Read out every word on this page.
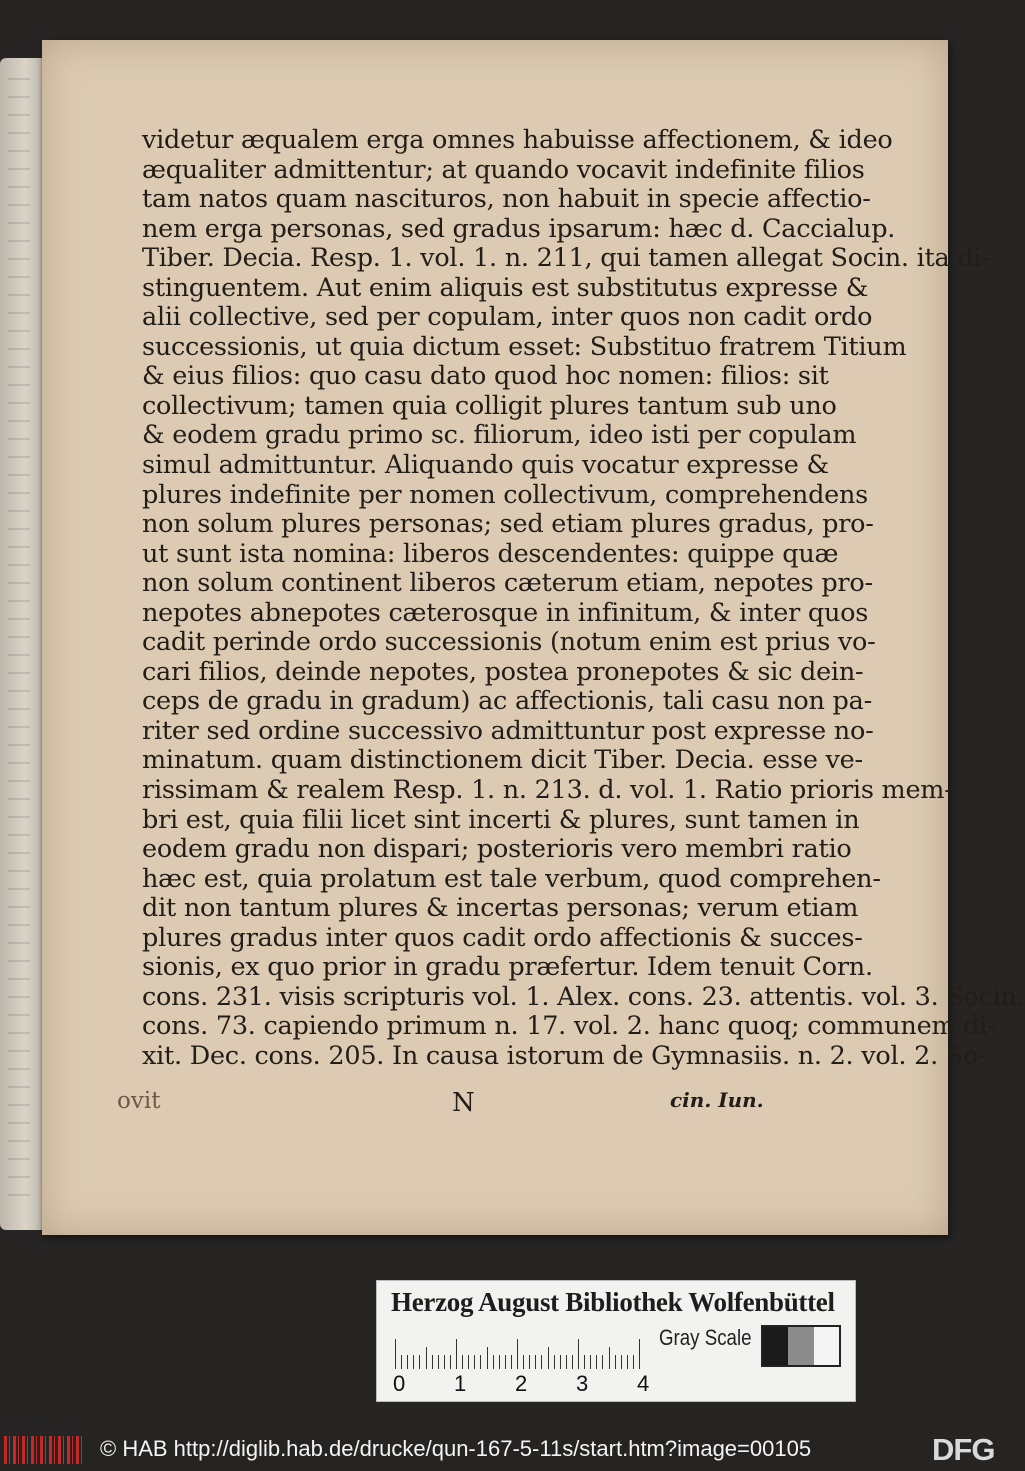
videtur æqualem erga omnes habuisse affectionem, & ideo
æqualiter admittentur; at quando vocavit indefinite filios
tam natos quam nascituros, non habuit in specie affectio-
nem erga personas, sed gradus ipsarum: hæc d. Caccialup.
Tiber. Decia. Resp. 1. vol. 1. n. 211, qui tamen allegat Socin. ita di-
stinguentem. Aut enim aliquis est substitutus expresse &
alii collective, sed per copulam, inter quos non cadit ordo
successionis, ut quia dictum esset: Substituo fratrem Titium
& eius filios: quo casu dato quod hoc nomen: filios: sit
collectivum; tamen quia colligit plures tantum sub uno
& eodem gradu primo sc. filiorum, ideo isti per copulam
simul admittuntur. Aliquando quis vocatur expresse &
plures indefinite per nomen collectivum, comprehendens
non solum plures personas; sed etiam plures gradus, pro-
ut sunt ista nomina: liberos descendentes: quippe quæ
non solum continent liberos cæterum etiam, nepotes pro-
nepotes abnepotes cæterosque in infinitum, & inter quos
cadit perinde ordo successionis (notum enim est prius vo-
cari filios, deinde nepotes, postea pronepotes & sic dein-
ceps de gradu in gradum) ac affectionis, tali casu non pa-
riter sed ordine successivo admittuntur post expresse no-
minatum. quam distinctionem dicit Tiber. Decia. esse ve-
rissimam & realem Resp. 1. n. 213. d. vol. 1. Ratio prioris mem-
bri est, quia filii licet sint incerti & plures, sunt tamen in
eodem gradu non dispari; posterioris vero membri ratio
hæc est, quia prolatum est tale verbum, quod comprehen-
dit non tantum plures & incertas personas; verum etiam
plures gradus inter quos cadit ordo affectionis & succes-
sionis, ex quo prior in gradu præfertur. Idem tenuit Corn.
cons. 231. visis scripturis vol. 1. Alex. cons. 23. attentis. vol. 3. Socin.
cons. 73. capiendo primum n. 17. vol. 2. hanc quoq; communem di-
xit. Dec. cons. 205. In causa istorum de Gymnasiis. n. 2. vol. 2. So-
ovit	N	cin. Iun.
Herzog August Bibliothek Wolfenbüttel
0 1 2 3 4
Gray Scale
© HAB http://diglib.hab.de/drucke/qun-167-5-11s/start.htm?image=00105	DFG
